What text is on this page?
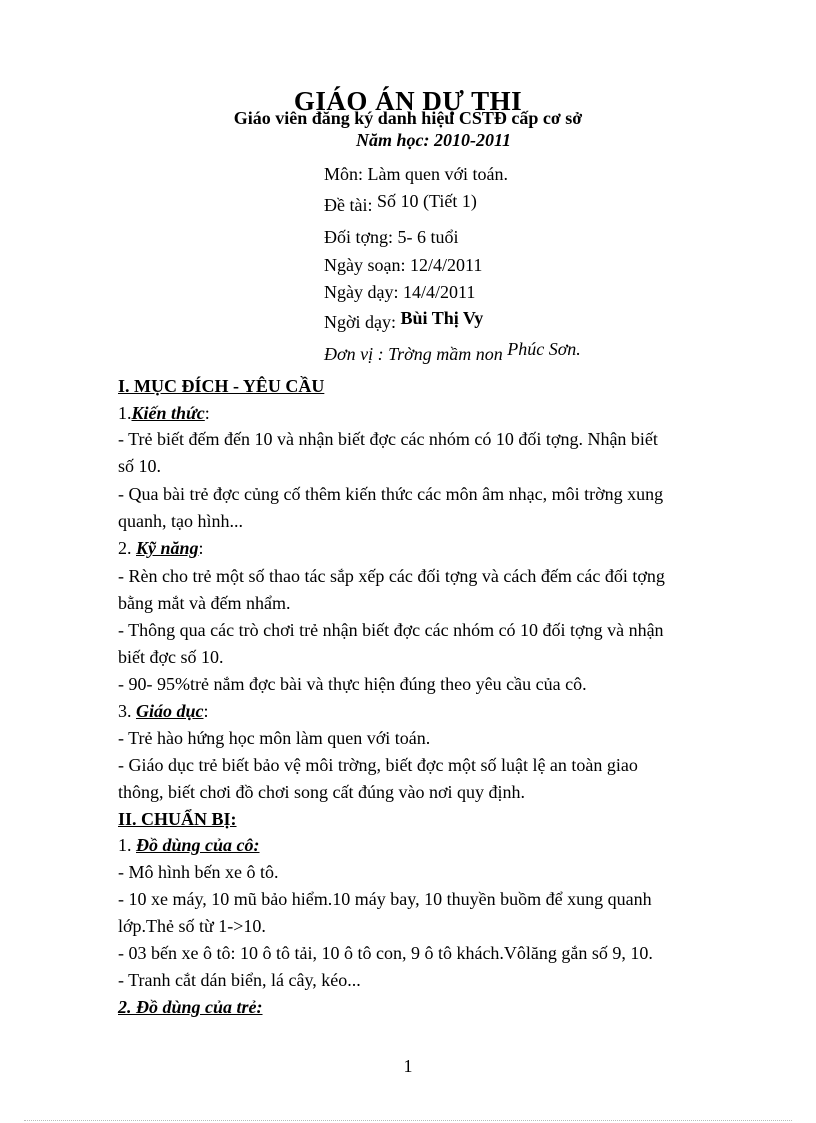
GIÁO ÁN DỰ THI
Giáo viên đăng ký danh hiệu CSTĐ cấp cơ sở
Năm học: 2010-2011
Môn: Làm quen với toán.
Đề tài: Số 10 (Tiết 1)
Đối tợng: 5- 6 tuổi
Ngày soạn: 12/4/2011
Ngày dạy: 14/4/2011
Ngời dạy: Bùi Thị Vy
Đơn vị : Trờng mầm non Phúc Sơn.
I. MỤC ĐÍCH - YÊU CẦU
1.Kiến thức:
- Trẻ biết đếm đến 10 và nhận biết đợc các nhóm có 10 đối tợng. Nhận biết
số 10.
- Qua bài trẻ đợc củng cố thêm kiến thức các môn âm nhạc, môi trờng xung
quanh, tạo hình...
2. Kỹ năng:
- Rèn cho trẻ một số thao tác sắp xếp các đối tợng và cách đếm các đối tợng
bằng mắt và đếm nhẩm.
- Thông qua các trò chơi trẻ nhận biết đợc các nhóm có 10 đối tợng và nhận
biết đợc số 10.
- 90- 95%trẻ nắm đợc bài và thực hiện đúng theo yêu cầu của cô.
3. Giáo dục:
- Trẻ hào hứng học môn làm quen với toán.
- Giáo dục trẻ biết bảo vệ môi trờng, biết đợc một số luật lệ an toàn giao
thông, biết chơi đồ chơi song cất đúng vào nơi quy định.
II. CHUẨN BỊ:
1. Đồ dùng của cô:
- Mô hình bến xe ô tô.
- 10 xe máy, 10 mũ bảo hiểm.10 máy bay, 10 thuyền buồm để xung quanh
lớp.Thẻ số từ 1->10.
- 03 bến xe ô tô: 10 ô tô tải, 10 ô tô con, 9 ô tô khách.Vôlăng gắn số 9, 10.
- Tranh cắt dán biển, lá cây, kéo...
2. Đồ dùng của trẻ:
1
